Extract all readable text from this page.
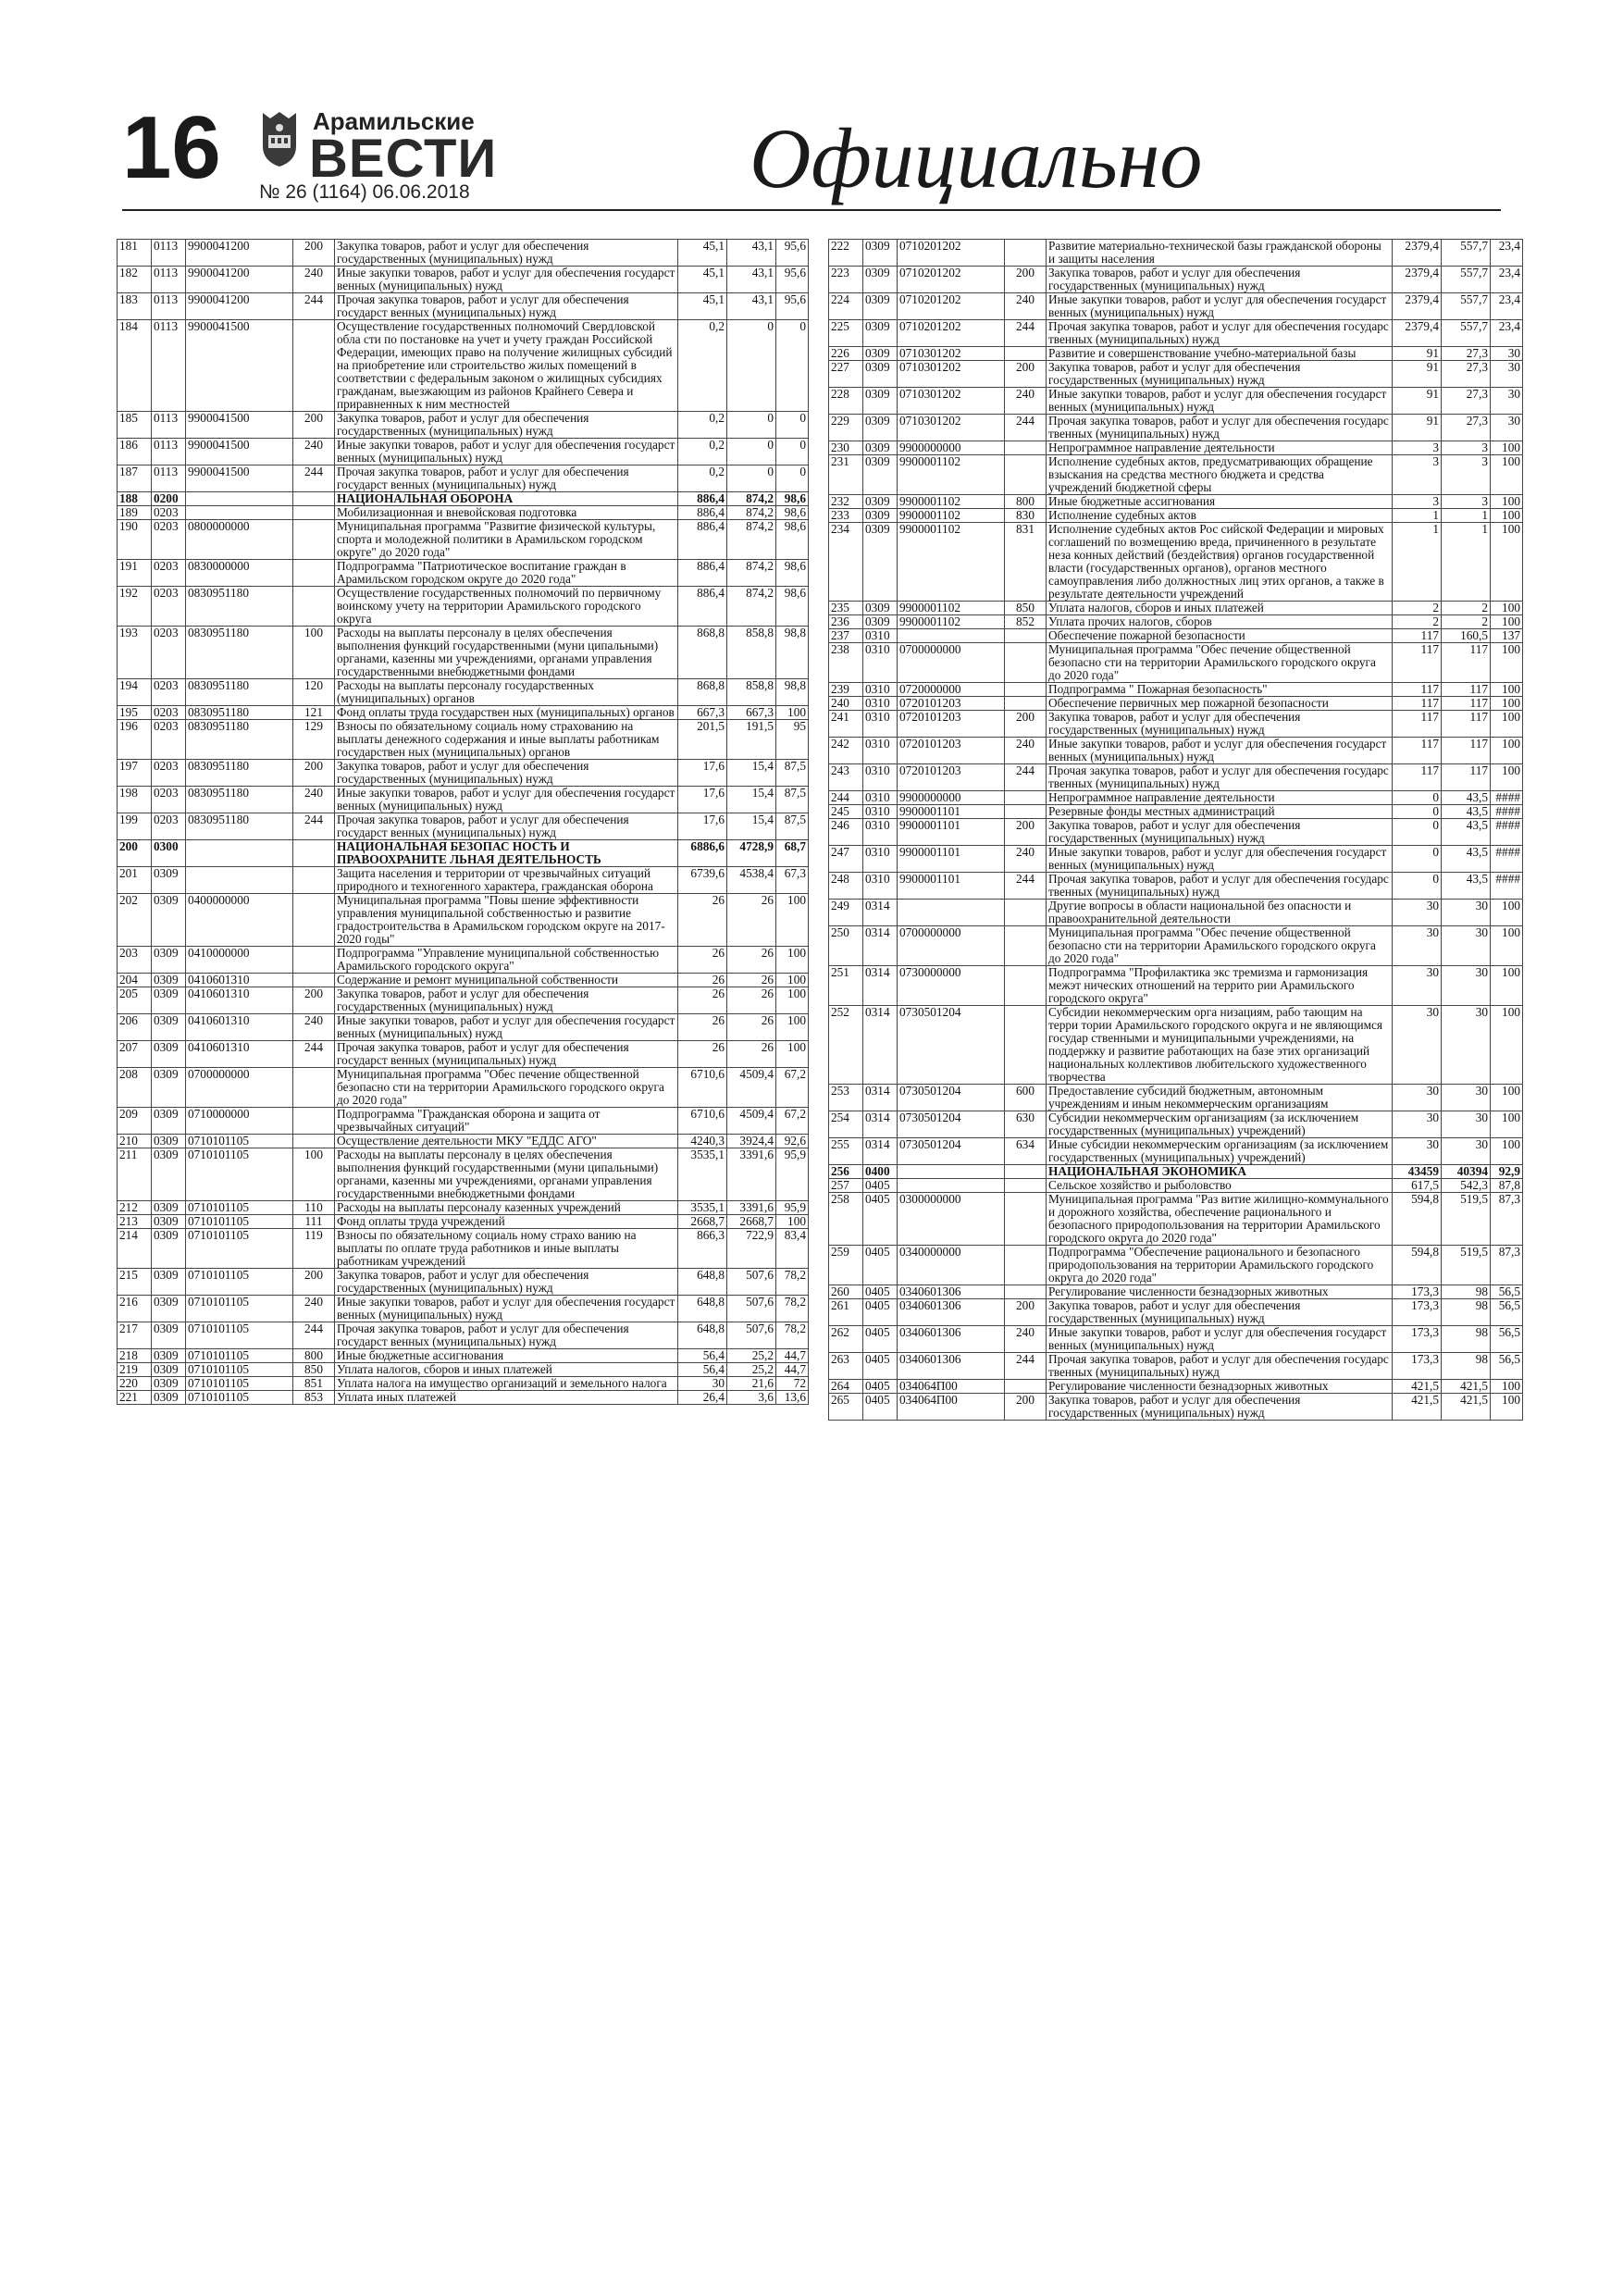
16	Арамильские
ВЕСТИ
№ 26 (1164) 06.06.2018	Официально
181	0113	9900041200	200	Закупка товаров, работ и услуг для обеспечения государственных (муниципальных) нужд	45,1	43,1	95,6
182	0113	9900041200	240	Иные закупки товаров, работ и услуг для обеспечения государст венных (муниципальных) нужд	45,1	43,1	95,6
183	0113	9900041200	244	Прочая закупка товаров, работ и услуг для обеспечения государст венных (муниципальных) нужд	45,1	43,1	95,6
184	0113	9900041500		Осуществление государственных полномочий Свердловской обла сти по постановке на учет и учету граждан Российской Федерации, имеющих право на получение жилищных субсидий на приобретение или строительство жилых помещений в соответствии с федеральным законом о жилищных субсидиях гражданам, выезжающим из районов Крайнего Севера и приравненных к ним местностей	0,2	0	0
185	0113	9900041500	200	Закупка товаров, работ и услуг для обеспечения государственных (муниципальных) нужд	0,2	0	0
186	0113	9900041500	240	Иные закупки товаров, работ и услуг для обеспечения государст венных (муниципальных) нужд	0,2	0	0
187	0113	9900041500	244	Прочая закупка товаров, работ и услуг для обеспечения государст венных (муниципальных) нужд	0,2	0	0
188	0200			НАЦИОНАЛЬНАЯ ОБОРОНА	886,4	874,2	98,6
189	0203			Мобилизационная и вневойсковая подготовка	886,4	874,2	98,6
190	0203	0800000000		Муниципальная программа "Развитие физической культуры, спорта и молодежной политики в Арамильском городском округе" до 2020 года"	886,4	874,2	98,6
191	0203	0830000000		Подпрограмма "Патриотическое воспитание граждан в Арамильском городском округе до 2020 года"	886,4	874,2	98,6
192	0203	0830951180		Осуществление государственных полномочий по первичному воинскому учету на территории Арамильского городского округа	886,4	874,2	98,6
193	0203	0830951180	100	Расходы на выплаты персоналу в целях обеспечения выполнения функций государственными (муни ципальными) органами, казенны ми учреждениями, органами управления государственными внебюджетными фондами	868,8	858,8	98,8
194	0203	0830951180	120	Расходы на выплаты персоналу государственных (муниципальных) органов	868,8	858,8	98,8
195	0203	0830951180	121	Фонд оплаты труда государствен ных (муниципальных) органов	667,3	667,3	100
196	0203	0830951180	129	Взносы по обязательному социаль ному страхованию на выплаты денежного содержания и иные выплаты работникам государствен ных (муниципальных) органов	201,5	191,5	95
197	0203	0830951180	200	Закупка товаров, работ и услуг для обеспечения государственных (муниципальных) нужд	17,6	15,4	87,5
198	0203	0830951180	240	Иные закупки товаров, работ и услуг для обеспечения государст венных (муниципальных) нужд	17,6	15,4	87,5
199	0203	0830951180	244	Прочая закупка товаров, работ и услуг для обеспечения государст венных (муниципальных) нужд	17,6	15,4	87,5
200	0300			НАЦИОНАЛЬНАЯ БЕЗОПАС НОСТЬ И ПРАВООХРАНИТЕ ЛЬНАЯ ДЕЯТЕЛЬНОСТЬ	6886,6	4728,9	68,7
201	0309			Защита населения и территории от чрезвычайных ситуаций природного и техногенного характера, гражданская оборона	6739,6	4538,4	67,3
202	0309	0400000000		Муниципальная программа "Повы шение эффективности управления муниципальной собственностью и развитие градостроительства в Арамильском городском округе на 2017-2020 годы"	26	26	100
203	0309	0410000000		Подпрограмма "Управление муниципальной собственностью Арамильского городского округа"	26	26	100
204	0309	0410601310		Содержание и ремонт муниципальной собственности	26	26	100
205	0309	0410601310	200	Закупка товаров, работ и услуг для обеспечения государственных (муниципальных) нужд	26	26	100
206	0309	0410601310	240	Иные закупки товаров, работ и услуг для обеспечения государст венных (муниципальных) нужд	26	26	100
207	0309	0410601310	244	Прочая закупка товаров, работ и услуг для обеспечения государст венных (муниципальных) нужд	26	26	100
208	0309	0700000000		Муниципальная программа "Обес печение общественной безопасно сти на территории Арамильского городского округа до 2020 года"	6710,6	4509,4	67,2
209	0309	0710000000		Подпрограмма "Гражданская оборона и защита от чрезвычайных ситуаций"	6710,6	4509,4	67,2
210	0309	0710101105		Осуществление деятельности МКУ "ЕДДС АГО"	4240,3	3924,4	92,6
211	0309	0710101105	100	Расходы на выплаты персоналу в целях обеспечения выполнения функций государственными (муни ципальными) органами, казенны ми учреждениями, органами управления государственными внебюджетными фондами	3535,1	3391,6	95,9
212	0309	0710101105	110	Расходы на выплаты персоналу казенных учреждений	3535,1	3391,6	95,9
213	0309	0710101105	111	Фонд оплаты труда учреждений	2668,7	2668,7	100
214	0309	0710101105	119	Взносы по обязательному социаль ному страхо ванию на выплаты по оплате труда работников и иные выплаты работникам учреждений	866,3	722,9	83,4
215	0309	0710101105	200	Закупка товаров, работ и услуг для обеспечения государственных (муниципальных) нужд	648,8	507,6	78,2
216	0309	0710101105	240	Иные закупки товаров, работ и услуг для обеспечения государст венных (муниципальных) нужд	648,8	507,6	78,2
217	0309	0710101105	244	Прочая закупка товаров, работ и услуг для обеспечения государст венных (муниципальных) нужд	648,8	507,6	78,2
218	0309	0710101105	800	Иные бюджетные ассигнования	56,4	25,2	44,7
219	0309	0710101105	850	Уплата налогов, сборов и иных платежей	56,4	25,2	44,7
220	0309	0710101105	851	Уплата налога на имущество организаций и земельного налога	30	21,6	72
221	0309	0710101105	853	Уплата иных платежей	26,4	3,6	13,6
222	0309	0710201202		Развитие материально-технической базы гражданской обороны и защиты населения	2379,4	557,7	23,4
223	0309	0710201202	200	Закупка товаров, работ и услуг для обеспечения государственных (муниципальных) нужд	2379,4	557,7	23,4
224	0309	0710201202	240	Иные закупки товаров, работ и услуг для обеспечения государст венных (муниципальных) нужд	2379,4	557,7	23,4
225	0309	0710201202	244	Прочая закупка товаров, работ и услуг для обеспечения государс твенных (муниципальных) нужд	2379,4	557,7	23,4
226	0309	0710301202		Развитие и совершенствование учебно-материальной базы	91	27,3	30
227	0309	0710301202	200	Закупка товаров, работ и услуг для обеспечения государственных (муниципальных) нужд	91	27,3	30
228	0309	0710301202	240	Иные закупки товаров, работ и услуг для обеспечения государст венных (муниципальных) нужд	91	27,3	30
229	0309	0710301202	244	Прочая закупка товаров, работ и услуг для обеспечения государс твенных (муниципальных) нужд	91	27,3	30
230	0309	9900000000		Непрограммное направление деятельности	3	3	100
231	0309	9900001102		Исполнение судебных актов, предусматривающих обращение взыскания на средства местного бюджета и средства учреждений бюджетной сферы	3	3	100
232	0309	9900001102	800	Иные бюджетные ассигнования	3	3	100
233	0309	9900001102	830	Исполнение судебных актов	1	1	100
234	0309	9900001102	831	Исполнение судебных актов Рос сийской Федерации и мировых соглашений по возмещению вреда, причиненного в результате неза конных действий (бездействия) органов государственной власти (государственных органов), органов местного самоуправления либо должностных лиц этих органов, а также в результате деятельности учреждений	1	1	100
235	0309	9900001102	850	Уплата налогов, сборов и иных платежей	2	2	100
236	0309	9900001102	852	Уплата прочих налогов, сборов	2	2	100
237	0310			Обеспечение пожарной безопасности	117	160,5	137
238	0310	0700000000		Муниципальная программа "Обес печение общественной безопасно сти на территории Арамильского городского округа до 2020 года"	117	117	100
239	0310	0720000000		Подпрограмма " Пожарная безопасность"	117	117	100
240	0310	0720101203		Обеспечение первичных мер пожарной безопасности	117	117	100
241	0310	0720101203	200	Закупка товаров, работ и услуг для обеспечения государственных (муниципальных) нужд	117	117	100
242	0310	0720101203	240	Иные закупки товаров, работ и услуг для обеспечения государст венных (муниципальных) нужд	117	117	100
243	0310	0720101203	244	Прочая закупка товаров, работ и услуг для обеспечения государс твенных (муниципальных) нужд	117	117	100
244	0310	9900000000		Непрограммное направление деятельности	0	43,5	####
245	0310	9900001101		Резервные фонды местных администраций	0	43,5	####
246	0310	9900001101	200	Закупка товаров, работ и услуг для обеспечения государственных (муниципальных) нужд	0	43,5	####
247	0310	9900001101	240	Иные закупки товаров, работ и услуг для обеспечения государст венных (муниципальных) нужд	0	43,5	####
248	0310	9900001101	244	Прочая закупка товаров, работ и услуг для обеспечения государс твенных (муниципальных) нужд	0	43,5	####
249	0314			Другие вопросы в области национальной без опасности и правоохранительной деятельности	30	30	100
250	0314	0700000000		Муниципальная программа "Обес печение общественной безопасно сти на территории Арамильского городского округа до 2020 года"	30	30	100
251	0314	0730000000		Подпрограмма "Профилактика экс тремизма и гармонизация межэт нических отношений на террито рии Арамильского городского округа"	30	30	100
252	0314	0730501204		Субсидии некоммерческим орга низациям, рабо тающим на терри тории Арамильского городского округа и не являющимся государ ственными и муниципальными учреждениями, на поддержку и развитие работающих на базе этих организаций национальных коллективов любительского художественного творчества	30	30	100
253	0314	0730501204	600	Предоставление субсидий бюджетным, автономным учреждениям и иным некоммерческим организациям	30	30	100
254	0314	0730501204	630	Субсидии некоммерческим организациям (за исключением государственных (муниципальных) учреждений)	30	30	100
255	0314	0730501204	634	Иные субсидии некоммерческим организациям (за исключением государственных (муниципальных) учреждений)	30	30	100
256	0400			НАЦИОНАЛЬНАЯ ЭКОНОМИКА	43459	40394	92,9
257	0405			Сельское хозяйство и рыболовство	617,5	542,3	87,8
258	0405	0300000000		Муниципальная программа "Раз витие жилищно-коммунального и дорожного хозяйства, обеспечение рационального и безопасного природопользования на территории Арамильского городского округа до 2020 года"	594,8	519,5	87,3
259	0405	0340000000		Подпрограмма "Обеспечение рационального и безопасного природопользования на территории Арамильского городского округа до 2020 года"	594,8	519,5	87,3
260	0405	0340601306		Регулирование численности безнадзорных животных	173,3	98	56,5
261	0405	0340601306	200	Закупка товаров, работ и услуг для обеспечения государственных (муниципальных) нужд	173,3	98	56,5
262	0405	0340601306	240	Иные закупки товаров, работ и услуг для обеспечения государст венных (муниципальных) нужд	173,3	98	56,5
263	0405	0340601306	244	Прочая закупка товаров, работ и услуг для обеспечения государс твенных (муниципальных) нужд	173,3	98	56,5
264	0405	034064П00		Регулирование численности безнадзорных животных	421,5	421,5	100
265	0405	034064П00	200	Закупка товаров, работ и услуг для обеспечения государственных (муниципальных) нужд	421,5	421,5	100
